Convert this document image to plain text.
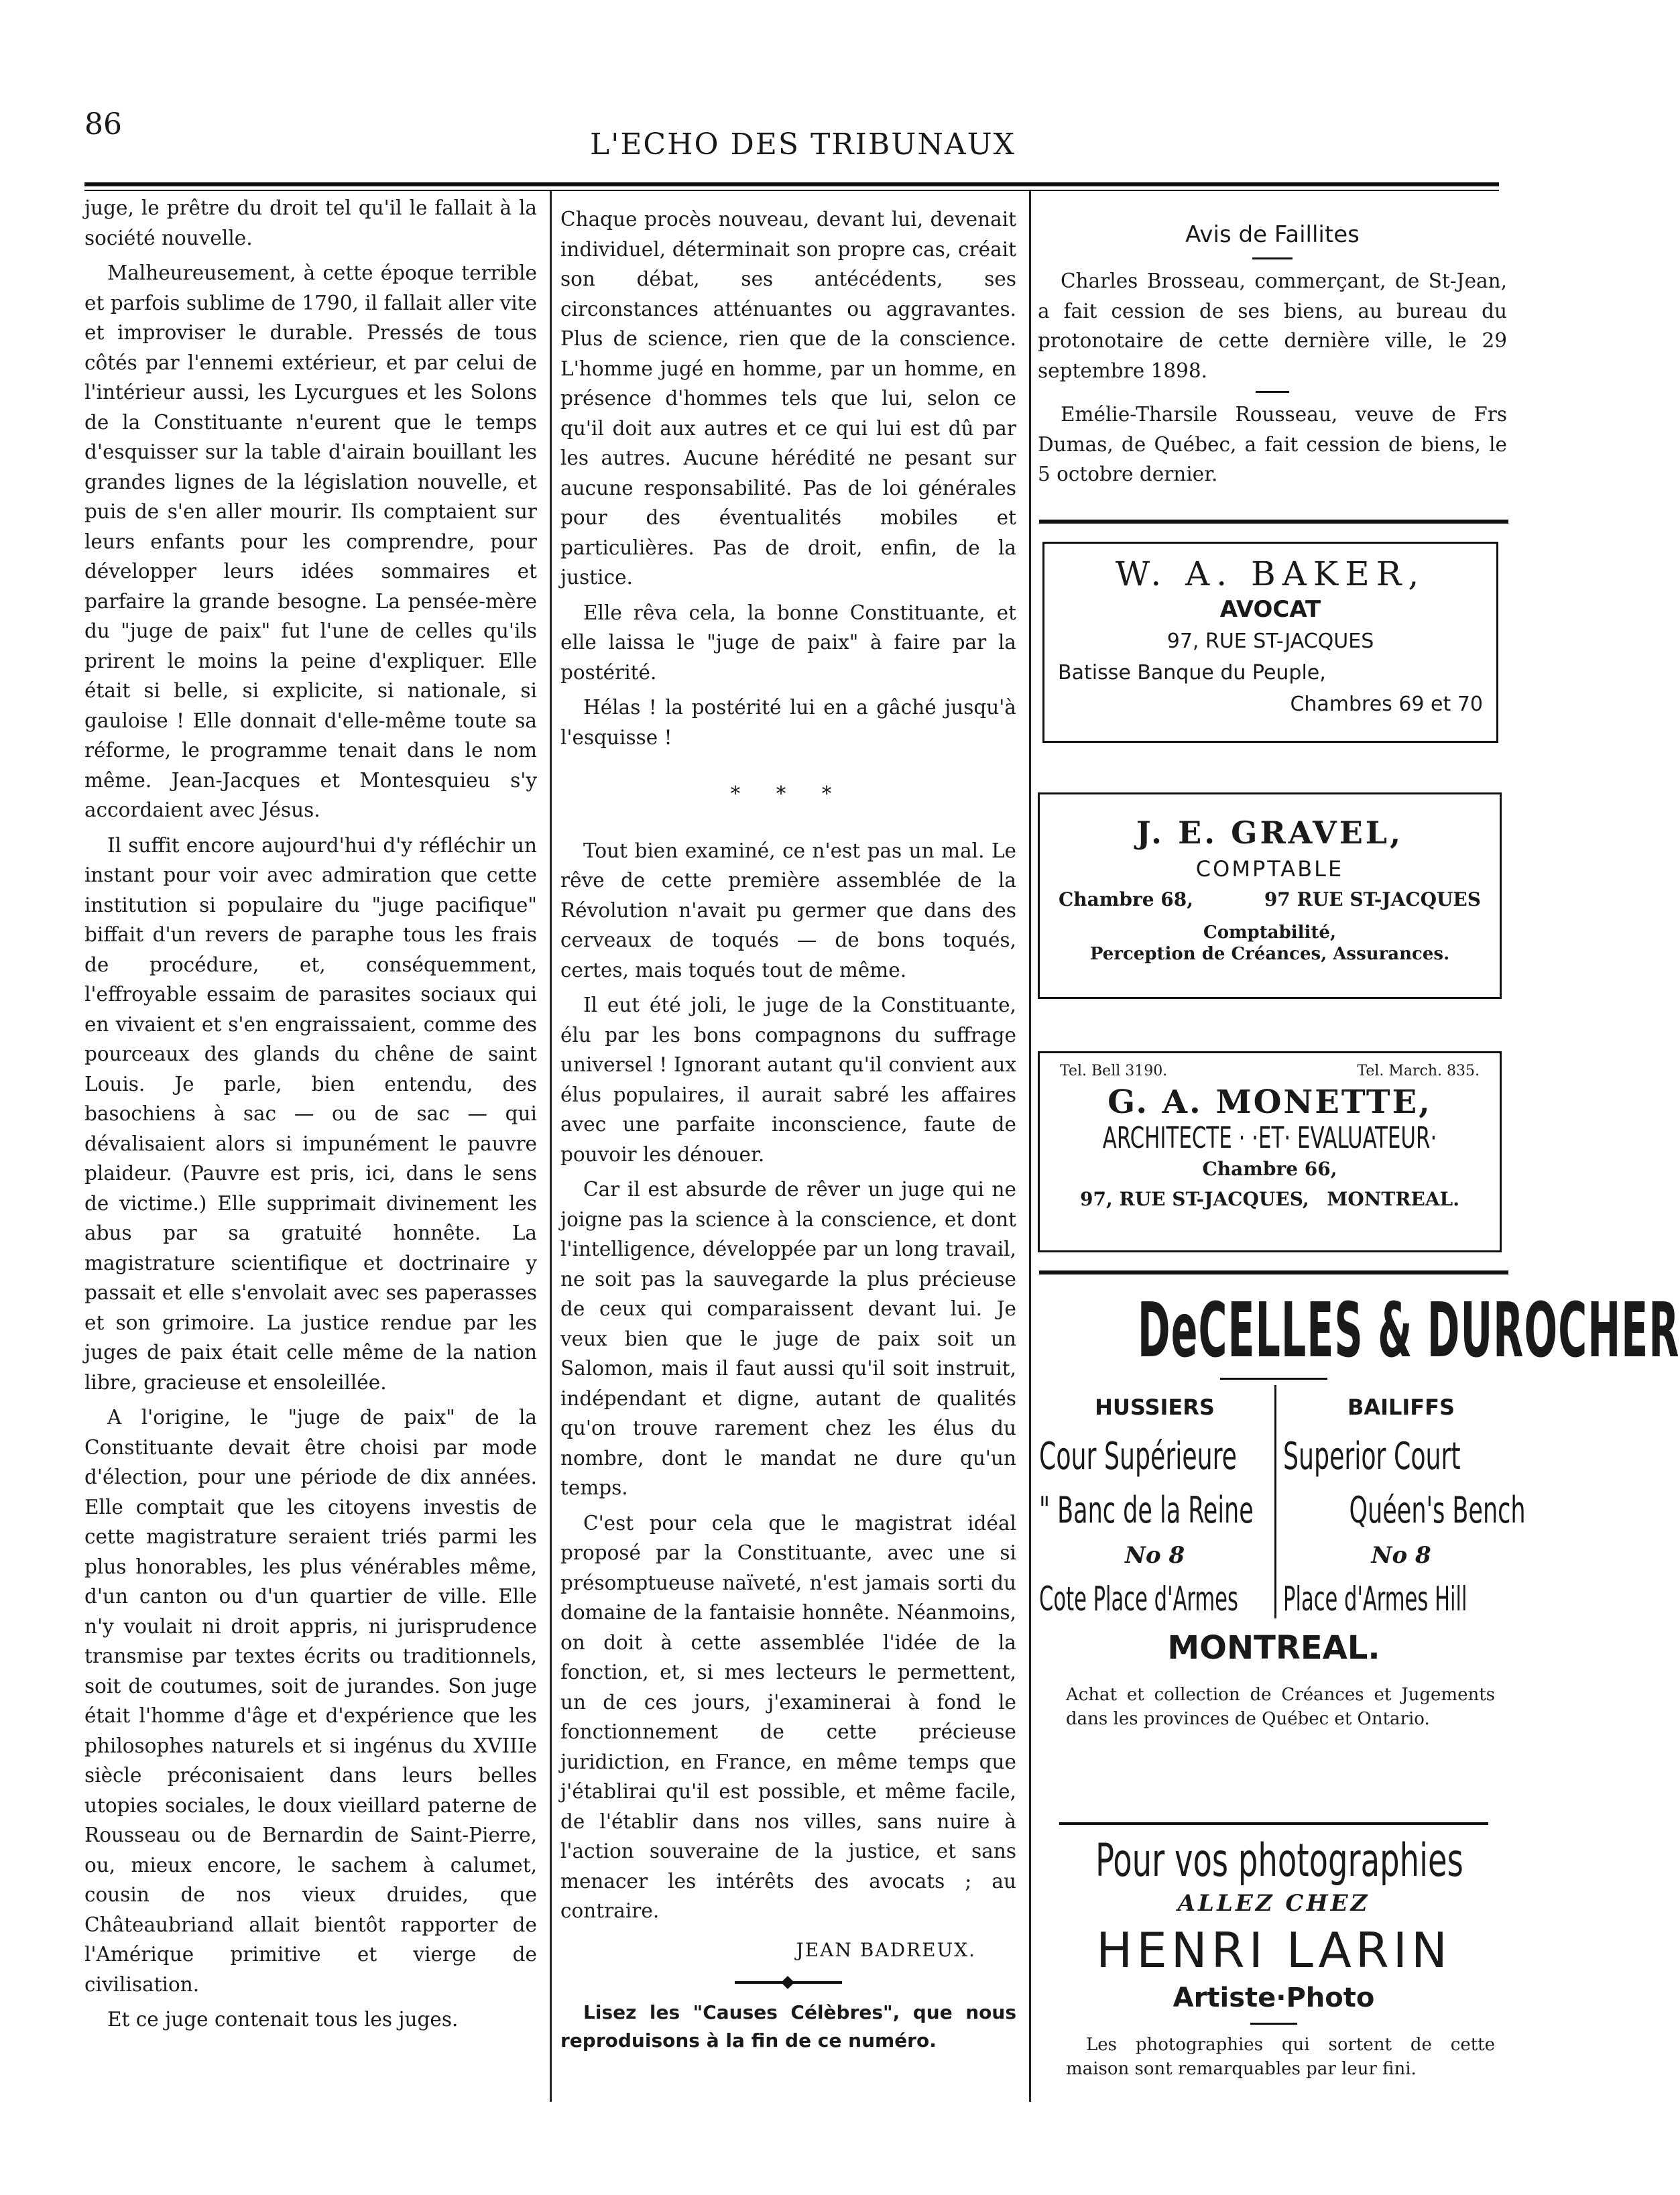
86
L'ECHO DES TRIBUNAUX

juge, le prêtre du droit tel qu'il le fallait à la société nouvelle.

Malheureusement, à cette époque terrible et parfois sublime de 1790, il fallait aller vite et improviser le durable. Pressés de tous côtés par l'ennemi extérieur, et par celui de l'intérieur aussi, les Lycurgues et les Solons de la Constituante n'eurent que le temps d'esquisser sur la table d'airain bouillant les grandes lignes de la législation nouvelle, et puis de s'en aller mourir. Ils comptaient sur leurs enfants pour les comprendre, pour développer leurs idées sommaires et parfaire la grande besogne. La pensée-mère du "juge de paix" fut l'une de celles qu'ils prirent le moins la peine d'expliquer. Elle était si belle, si explicite, si nationale, si gauloise ! Elle donnait d'elle-même toute sa réforme, le programme tenait dans le nom même. Jean-Jacques et Montesquieu s'y accordaient avec Jésus.

Il suffit encore aujourd'hui d'y réfléchir un instant pour voir avec admiration que cette institution si populaire du "juge pacifique" biffait d'un revers de paraphe tous les frais de procédure, et, conséquemment, l'effroyable essaim de parasites sociaux qui en vivaient et s'en engraissaient, comme des pourceaux des glands du chêne de saint Louis. Je parle, bien entendu, des basochiens à sac — ou de sac — qui dévalisaient alors si impunément le pauvre plaideur. (Pauvre est pris, ici, dans le sens de victime.) Elle supprimait divinement les abus par sa gratuité honnête. La magistrature scientifique et doctrinaire y passait et elle s'envolait avec ses paperasses et son grimoire. La justice rendue par les juges de paix était celle même de la nation libre, gracieuse et ensoleillée.

A l'origine, le "juge de paix" de la Constituante devait être choisi par mode d'élection, pour une période de dix années. Elle comptait que les citoyens investis de cette magistrature seraient triés parmi les plus honorables, les plus vénérables même, d'un canton ou d'un quartier de ville. Elle n'y voulait ni droit appris, ni jurisprudence transmise par textes écrits ou traditionnels, soit de coutumes, soit de jurandes. Son juge était l'homme d'âge et d'expérience que les philosophes naturels et si ingénus du XVIIIe siècle préconisaient dans leurs belles utopies sociales, le doux vieillard paterne de Rousseau ou de Bernardin de Saint-Pierre, ou, mieux encore, le sachem à calumet, cousin de nos vieux druides, que Châteaubriand allait bientôt rapporter de l'Amérique primitive et vierge de civilisation.

Et ce juge contenait tous les juges.

Chaque procès nouveau, devant lui, devenait individuel, déterminait son propre cas, créait son débat, ses antécédents, ses circonstances atténuantes ou aggravantes. Plus de science, rien que de la conscience. L'homme jugé en homme, par un homme, en présence d'hommes tels que lui, selon ce qu'il doit aux autres et ce qui lui est dû par les autres. Aucune hérédité ne pesant sur aucune responsabilité. Pas de loi générales pour des éventualités mobiles et particulières. Pas de droit, enfin, de la justice.

Elle rêva cela, la bonne Constituante, et elle laissa le "juge de paix" à faire par la postérité.

Hélas ! la postérité lui en a gâché jusqu'à l'esquisse !

* * *

Tout bien examiné, ce n'est pas un mal. Le rêve de cette première assemblée de la Révolution n'avait pu germer que dans des cerveaux de toqués — de bons toqués, certes, mais toqués tout de même.

Il eut été joli, le juge de la Constituante, élu par les bons compagnons du suffrage universel ! Ignorant autant qu'il convient aux élus populaires, il aurait sabré les affaires avec une parfaite inconscience, faute de pouvoir les dénouer.

Car il est absurde de rêver un juge qui ne joigne pas la science à la conscience, et dont l'intelligence, développée par un long travail, ne soit pas la sauvegarde la plus précieuse de ceux qui comparaissent devant lui. Je veux bien que le juge de paix soit un Salomon, mais il faut aussi qu'il soit instruit, indépendant et digne, autant de qualités qu'on trouve rarement chez les élus du nombre, dont le mandat ne dure qu'un temps.

C'est pour cela que le magistrat idéal proposé par la Constituante, avec une si présomptueuse naïveté, n'est jamais sorti du domaine de la fantaisie honnête. Néanmoins, on doit à cette assemblée l'idée de la fonction, et, si mes lecteurs le permettent, un de ces jours, j'examinerai à fond le fonctionnement de cette précieuse juridiction, en France, en même temps que j'établirai qu'il est possible, et même facile, de l'établir dans nos villes, sans nuire à l'action souveraine de la justice, et sans menacer les intérêts des avocats ; au contraire.

JEAN BADREUX.

Lisez les "Causes Célèbres", que nous reproduisons à la fin de ce numéro.

Avis de Faillites

Charles Brosseau, commerçant, de St-Jean, a fait cession de ses biens, au bureau du protonotaire de cette dernière ville, le 29 septembre 1898.

Emélie-Tharsile Rousseau, veuve de Frs Dumas, de Québec, a fait cession de biens, le 5 octobre dernier.

W. A. BAKER,
AVOCAT
97, RUE ST-JACQUES
Batisse Banque du Peuple,
Chambres 69 et 70
J. E. GRAVEL,
COMPTABLE
Chambre 68,	97 RUE ST-JACQUES
Comptabilité,
Perception de Créances, Assurances.
Tel. Bell 3190.	Tel. March. 835.
G. A. MONETTE,
ARCHITECTE · ·ET· EVALUATEUR·
Chambre 66,
97, RUE ST-JACQUES, MONTREAL.
DeCELLES & DUROCHER
HUSSIERS
Cour Supérieure
" Banc de la Reine
No 8
Cote Place d'Armes
BAILIFFS
Superior Court
Quéen's Bench
No 8
Place d'Armes Hill
MONTREAL.
Achat et collection de Créances et Jugements dans les provinces de Québec et Ontario.
Pour vos photographies
ALLEZ CHEZ
HENRI LARIN
Artiste·Photo
Les photographies qui sortent de cette maison sont remarquables par leur fini.
